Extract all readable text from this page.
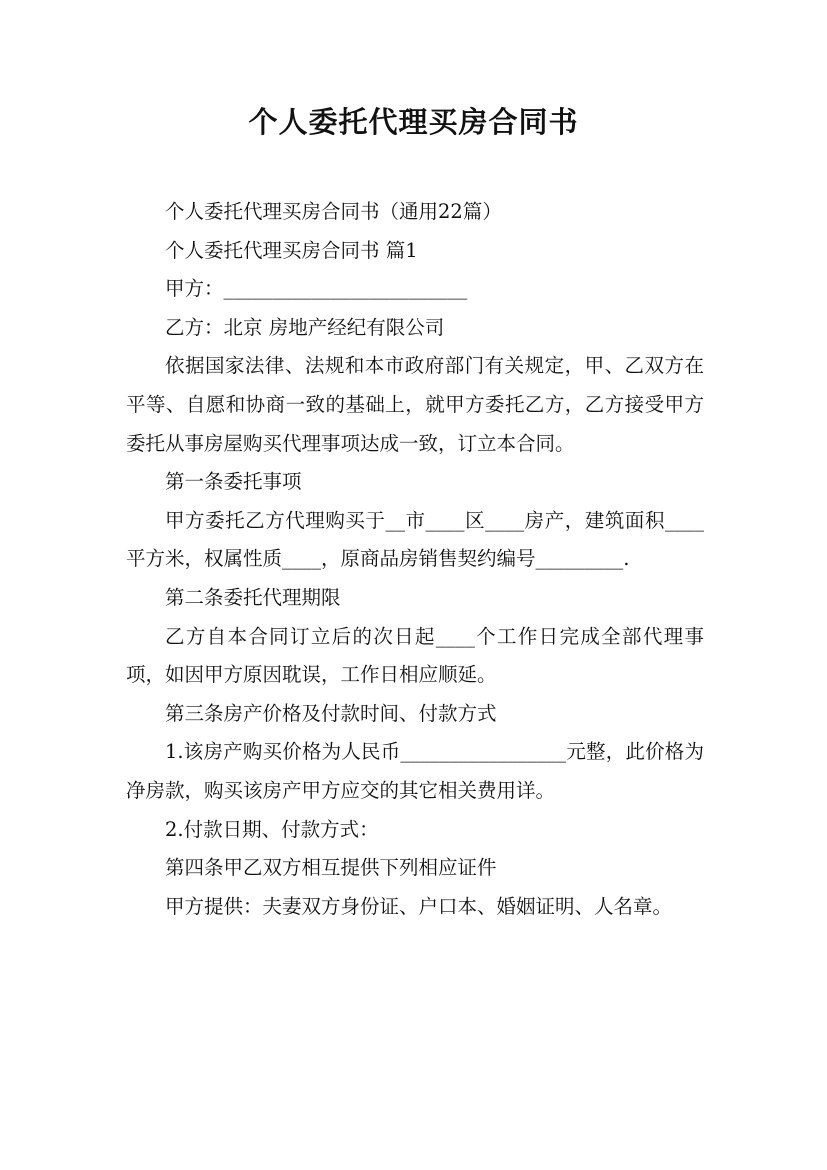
个人委托代理买房合同书

个人委托代理买房合同书（通用22篇）

个人委托代理买房合同书 篇1

甲方：_________________________

乙方：北京 房地产经纪有限公司

依据国家法律、法规和本市政府部门有关规定，甲、乙双方在平等、自愿和协商一致的基础上，就甲方委托乙方，乙方接受甲方委托从事房屋购买代理事项达成一致，订立本合同。

第一条委托事项

甲方委托乙方代理购买于__市____区____房产，建筑面积____平方米，权属性质____，原商品房销售契约编号_________.

第二条委托代理期限

乙方自本合同订立后的次日起____个工作日完成全部代理事项，如因甲方原因耽误，工作日相应顺延。

第三条房产价格及付款时间、付款方式

1.该房产购买价格为人民币_________________元整，此价格为净房款，购买该房产甲方应交的其它相关费用详。

2.付款日期、付款方式：

第四条甲乙双方相互提供下列相应证件

甲方提供：夫妻双方身份证、户口本、婚姻证明、人名章。
